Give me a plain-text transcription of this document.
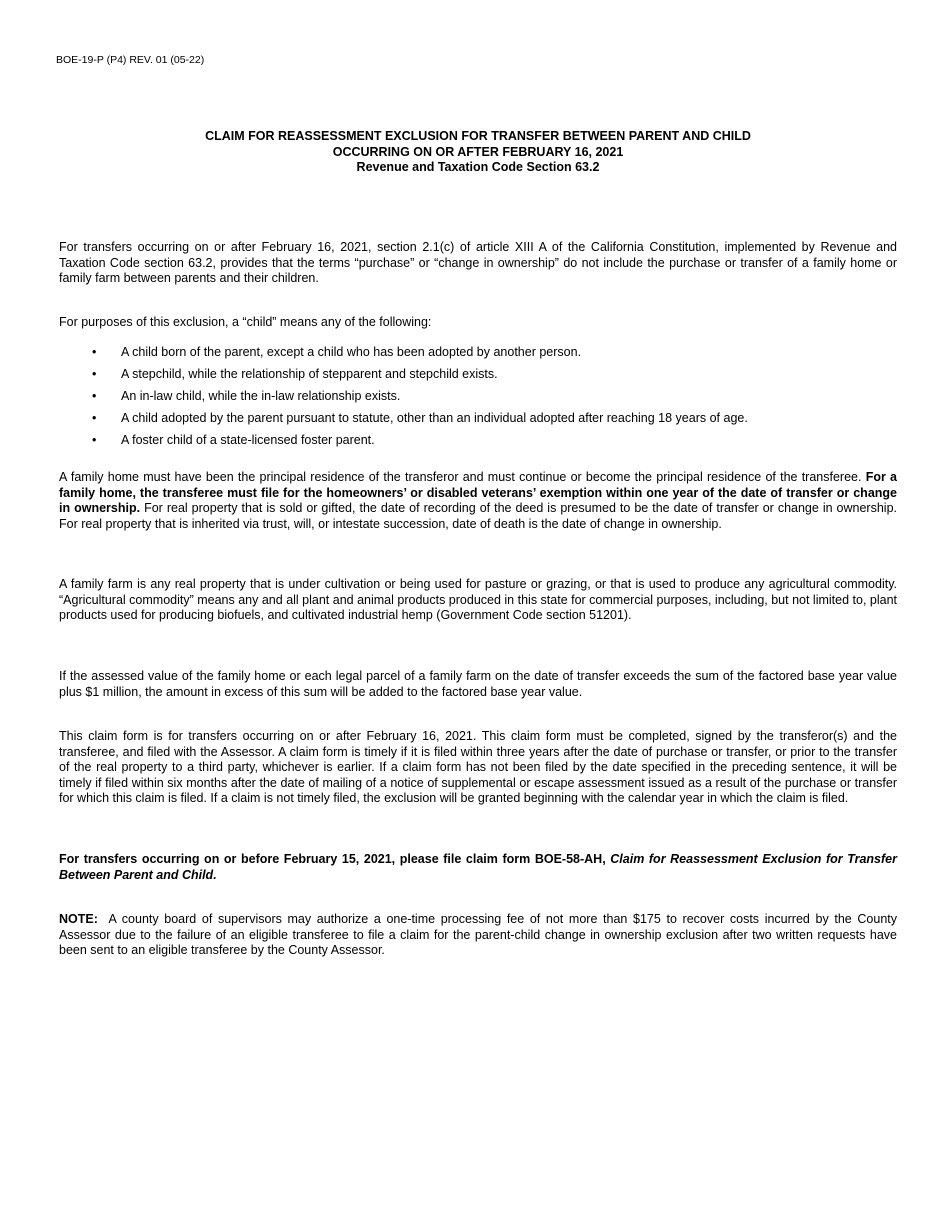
BOE-19-P (P4) REV. 01 (05-22)
CLAIM FOR REASSESSMENT EXCLUSION FOR TRANSFER BETWEEN PARENT AND CHILD
OCCURRING ON OR AFTER FEBRUARY 16, 2021
Revenue and Taxation Code Section 63.2

For transfers occurring on or after February 16, 2021, section 2.1(c) of article XIII A of the California Constitution, implemented by Revenue and Taxation Code section 63.2, provides that the terms “purchase” or “change in ownership” do not include the purchase or transfer of a family home or family farm between parents and their children.

For purposes of this exclusion, a “child” means any of the following:

• A child born of the parent, except a child who has been adopted by another person.
• A stepchild, while the relationship of stepparent and stepchild exists.
• An in-law child, while the in-law relationship exists.
• A child adopted by the parent pursuant to statute, other than an individual adopted after reaching 18 years of age.
• A foster child of a state-licensed foster parent.

A family home must have been the principal residence of the transferor and must continue or become the principal residence of the transferee. For a family home, the transferee must file for the homeowners’ or disabled veterans’ exemption within one year of the date of transfer or change in ownership. For real property that is sold or gifted, the date of recording of the deed is presumed to be the date of transfer or change in ownership. For real property that is inherited via trust, will, or intestate succession, date of death is the date of change in ownership.

A family farm is any real property that is under cultivation or being used for pasture or grazing, or that is used to produce any agricultural commodity. “Agricultural commodity” means any and all plant and animal products produced in this state for commercial purposes, including, but not limited to, plant products used for producing biofuels, and cultivated industrial hemp (Government Code section 51201).

If the assessed value of the family home or each legal parcel of a family farm on the date of transfer exceeds the sum of the factored base year value plus $1 million, the amount in excess of this sum will be added to the factored base year value.

This claim form is for transfers occurring on or after February 16, 2021. This claim form must be completed, signed by the transferor(s) and the transferee, and filed with the Assessor. A claim form is timely if it is filed within three years after the date of purchase or transfer, or prior to the transfer of the real property to a third party, whichever is earlier. If a claim form has not been filed by the date specified in the preceding sentence, it will be timely if filed within six months after the date of mailing of a notice of supplemental or escape assessment issued as a result of the purchase or transfer for which this claim is filed. If a claim is not timely filed, the exclusion will be granted beginning with the calendar year in which the claim is filed.

For transfers occurring on or before February 15, 2021, please file claim form BOE-58-AH, Claim for Reassessment Exclusion for Transfer Between Parent and Child.

NOTE:  A county board of supervisors may authorize a one-time processing fee of not more than $175 to recover costs incurred by the County Assessor due to the failure of an eligible transferee to file a claim for the parent-child change in ownership exclusion after two written requests have been sent to an eligible transferee by the County Assessor.
